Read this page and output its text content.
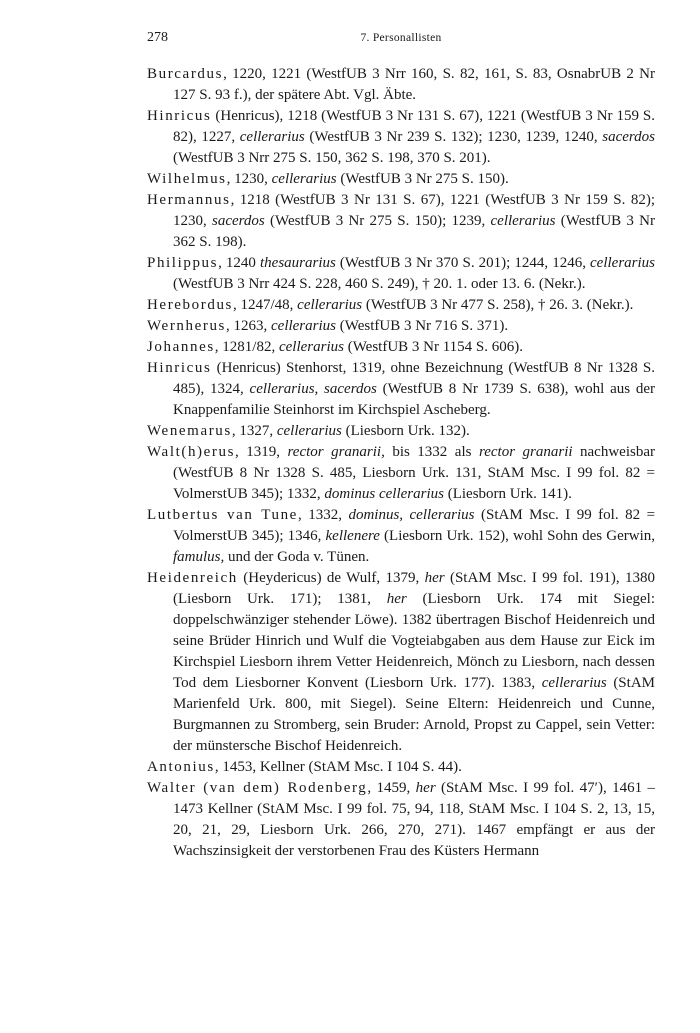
278	7. Personallisten

Burcardus, 1220, 1221 (WestfUB 3 Nrr 160, S. 82, 161, S. 83, OsnabrUB 2 Nr 127 S. 93 f.), der spätere Abt. Vgl. Äbte.

Hinricus (Henricus), 1218 (WestfUB 3 Nr 131 S. 67), 1221 (WestfUB 3 Nr 159 S. 82), 1227, cellerarius (WestfUB 3 Nr 239 S. 132); 1230, 1239, 1240, sacerdos (WestfUB 3 Nrr 275 S. 150, 362 S. 198, 370 S. 201).

Wilhelmus, 1230, cellerarius (WestfUB 3 Nr 275 S. 150).

Hermannus, 1218 (WestfUB 3 Nr 131 S. 67), 1221 (WestfUB 3 Nr 159 S. 82); 1230, sacerdos (WestfUB 3 Nr 275 S. 150); 1239, cellerarius (WestfUB 3 Nr 362 S. 198).

Philippus, 1240 thesaurarius (WestfUB 3 Nr 370 S. 201); 1244, 1246, cellerarius (WestfUB 3 Nrr 424 S. 228, 460 S. 249), † 20. 1. oder 13. 6. (Nekr.).

Herebordus, 1247/48, cellerarius (WestfUB 3 Nr 477 S. 258), † 26. 3. (Nekr.).

Wernherus, 1263, cellerarius (WestfUB 3 Nr 716 S. 371).

Johannes, 1281/82, cellerarius (WestfUB 3 Nr 1154 S. 606).

Hinricus (Henricus) Stenhorst, 1319, ohne Bezeichnung (WestfUB 8 Nr 1328 S. 485), 1324, cellerarius, sacerdos (WestfUB 8 Nr 1739 S. 638), wohl aus der Knappenfamilie Steinhorst im Kirchspiel Ascheberg.

Wenemarus, 1327, cellerarius (Liesborn Urk. 132).

Walt(h)erus, 1319, rector granarii, bis 1332 als rector granarii nachweisbar (WestfUB 8 Nr 1328 S. 485, Liesborn Urk. 131, StAM Msc. I 99 fol. 82 = VolmerstUB 345); 1332, dominus cellerarius (Liesborn Urk. 141).

Lutbertus van Tune, 1332, dominus, cellerarius (StAM Msc. I 99 fol. 82 = VolmerstUB 345); 1346, kellenere (Liesborn Urk. 152), wohl Sohn des Gerwin, famulus, und der Goda v. Tünen.

Heidenreich (Heydericus) de Wulf, 1379, her (StAM Msc. I 99 fol. 191), 1380 (Liesborn Urk. 171); 1381, her (Liesborn Urk. 174 mit Siegel: doppelschwänziger stehender Löwe). 1382 übertragen Bischof Heidenreich und seine Brüder Hinrich und Wulf die Vogteiabgaben aus dem Hause zur Eick im Kirchspiel Liesborn ihrem Vetter Heidenreich, Mönch zu Liesborn, nach dessen Tod dem Liesborner Konvent (Liesborn Urk. 177). 1383, cellerarius (StAM Marienfeld Urk. 800, mit Siegel). Seine Eltern: Heidenreich und Cunne, Burgmannen zu Stromberg, sein Bruder: Arnold, Propst zu Cappel, sein Vetter: der münstersche Bischof Heidenreich.

Antonius, 1453, Kellner (StAM Msc. I 104 S. 44).

Walter (van dem) Rodenberg, 1459, her (StAM Msc. I 99 fol. 47′), 1461 – 1473 Kellner (StAM Msc. I 99 fol. 75, 94, 118, StAM Msc. I 104 S. 2, 13, 15, 20, 21, 29, Liesborn Urk. 266, 270, 271). 1467 empfängt er aus der Wachszinsigkeit der verstorbenen Frau des Küsters Hermann
